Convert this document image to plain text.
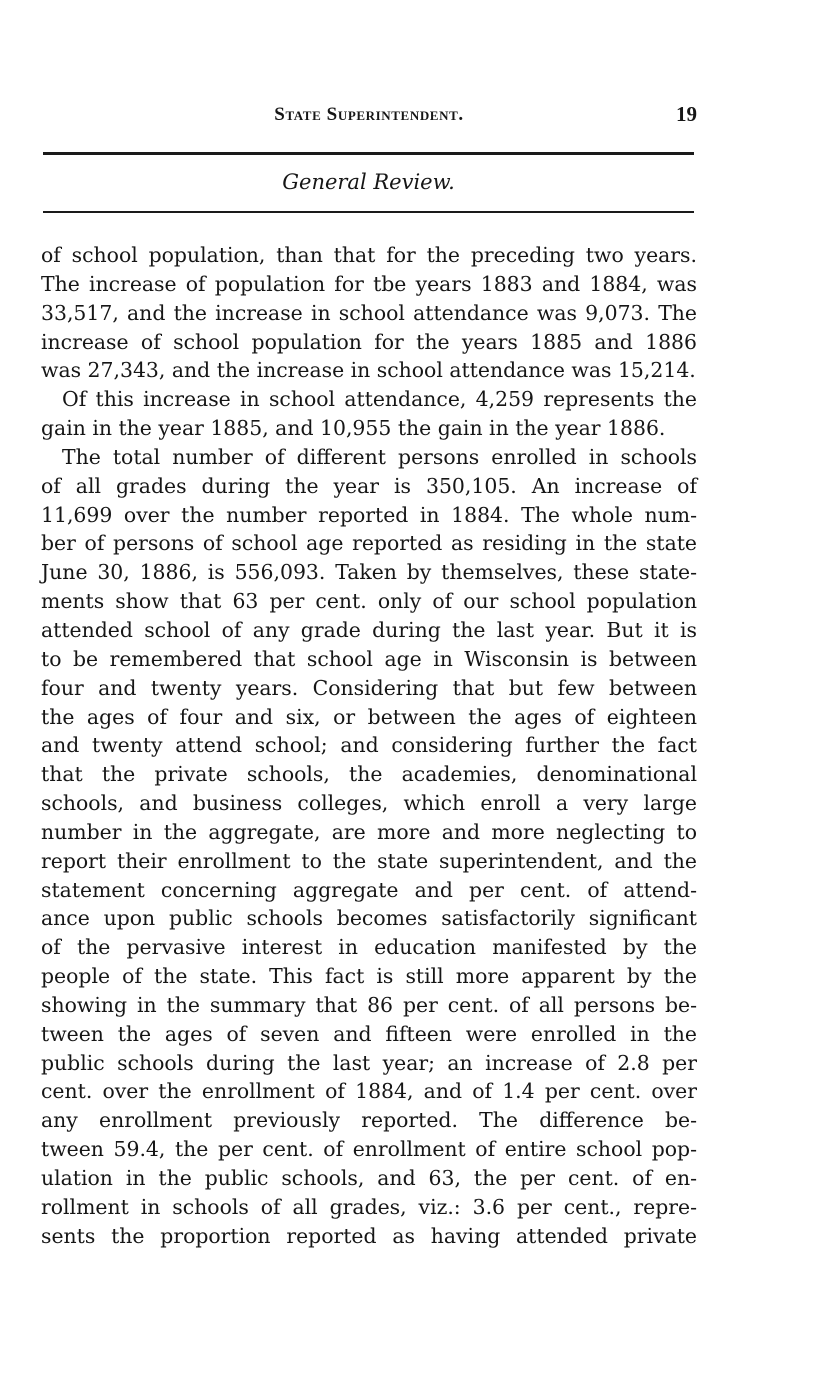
State Superintendent.	19
General Review.
of school population, than that for the preceding two years.
The increase of population for tbe years 1883 and 1884, was
33,517, and the increase in school attendance was 9,073. The
increase of school population for the years 1885 and 1886
was 27,343, and the increase in school attendance was 15,214.
Of this increase in school attendance, 4,259 represents the
gain in the year 1885, and 10,955 the gain in the year 1886.
The total number of different persons enrolled in schools
of all grades during the year is 350,105. An increase of
11,699 over the number reported in 1884. The whole num-
ber of persons of school age reported as residing in the state
June 30, 1886, is 556,093. Taken by themselves, these state-
ments show that 63 per cent. only of our school population
attended school of any grade during the last year. But it is
to be remembered that school age in Wisconsin is between
four and twenty years. Considering that but few between
the ages of four and six, or between the ages of eighteen
and twenty attend school; and considering further the fact
that the private schools, the academies, denominational
schools, and business colleges, which enroll a very large
number in the aggregate, are more and more neglecting to
report their enrollment to the state superintendent, and the
statement concerning aggregate and per cent. of attend-
ance upon public schools becomes satisfactorily significant
of the pervasive interest in education manifested by the
people of the state. This fact is still more apparent by the
showing in the summary that 86 per cent. of all persons be-
tween the ages of seven and fifteen were enrolled in the
public schools during the last year; an increase of 2.8 per
cent. over the enrollment of 1884, and of 1.4 per cent. over
any enrollment previously reported. The difference be-
tween 59.4, the per cent. of enrollment of entire school pop-
ulation in the public schools, and 63, the per cent. of en-
rollment in schools of all grades, viz.: 3.6 per cent., repre-
sents the proportion reported as having attended private
